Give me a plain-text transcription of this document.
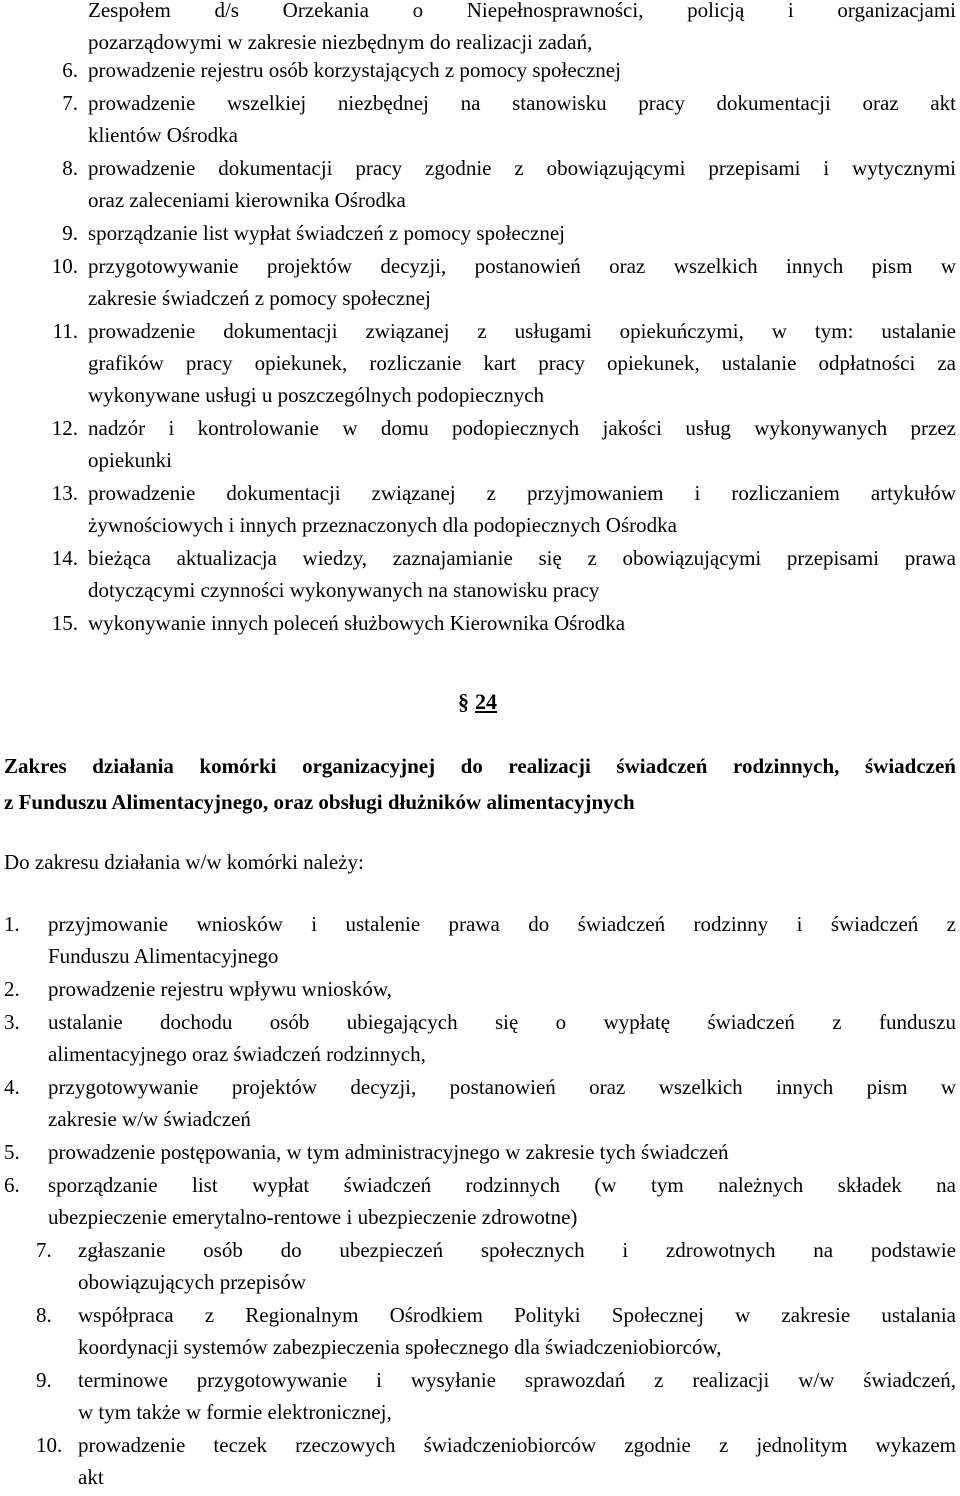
Zespołem d/s Orzekania o Niepełnosprawności, policją i organizacjami
pozarządowymi w zakresie niezbędnym do realizacji zadań,
6. prowadzenie rejestru osób korzystających z pomocy społecznej
7. prowadzenie wszelkiej niezbędnej na stanowisku pracy dokumentacji oraz akt
klientów Ośrodka
8. prowadzenie dokumentacji pracy zgodnie z obowiązującymi przepisami i wytycznymi
oraz zaleceniami kierownika Ośrodka
9. sporządzanie list wypłat świadczeń z pomocy społecznej
10. przygotowywanie projektów decyzji, postanowień oraz wszelkich innych pism w
zakresie świadczeń z pomocy społecznej
11. prowadzenie dokumentacji związanej z usługami opiekuńczymi, w tym: ustalanie
grafików pracy opiekunek, rozliczanie kart pracy opiekunek, ustalanie odpłatności za
wykonywane usługi u poszczególnych podopiecznych
12. nadzór i kontrolowanie w domu podopiecznych jakości usług wykonywanych przez
opiekunki
13. prowadzenie dokumentacji związanej z przyjmowaniem i rozliczaniem artykułów
żywnościowych i innych przeznaczonych dla podopiecznych Ośrodka
14. bieżąca aktualizacja wiedzy, zaznajamianie się z obowiązującymi przepisami prawa
dotyczącymi czynności wykonywanych na stanowisku pracy
15. wykonywanie innych poleceń służbowych Kierownika Ośrodka
§ 24
Zakres działania komórki organizacyjnej do realizacji świadczeń rodzinnych, świadczeń
z Funduszu Alimentacyjnego, oraz obsługi dłużników alimentacyjnych
Do zakresu działania w/w komórki należy:
1.	przyjmowanie wniosków i ustalenie prawa do świadczeń rodzinny i świadczeń z
Funduszu Alimentacyjnego
2.	prowadzenie rejestru wpływu wniosków,
3.	ustalanie dochodu osób ubiegających się o wypłatę świadczeń z funduszu
alimentacyjnego oraz świadczeń rodzinnych,
4.	przygotowywanie projektów decyzji, postanowień oraz wszelkich innych pism w
zakresie w/w świadczeń
5.	prowadzenie postępowania, w tym administracyjnego w zakresie tych świadczeń
6.	sporządzanie list wypłat świadczeń rodzinnych (w tym należnych składek na
ubezpieczenie emerytalno-rentowe i ubezpieczenie zdrowotne)
7.	zgłaszanie osób do ubezpieczeń społecznych i zdrowotnych na podstawie
obowiązujących przepisów
8.	współpraca z Regionalnym Ośrodkiem Polityki Społecznej w zakresie ustalania
koordynacji systemów zabezpieczenia społecznego dla świadczeniobiorców,
9.	terminowe przygotowywanie i wysyłanie sprawozdań z realizacji w/w świadczeń,
w tym także w formie elektronicznej,
10. prowadzenie teczek rzeczowych świadczeniobiorców zgodnie z jednolitym wykazem
akt
